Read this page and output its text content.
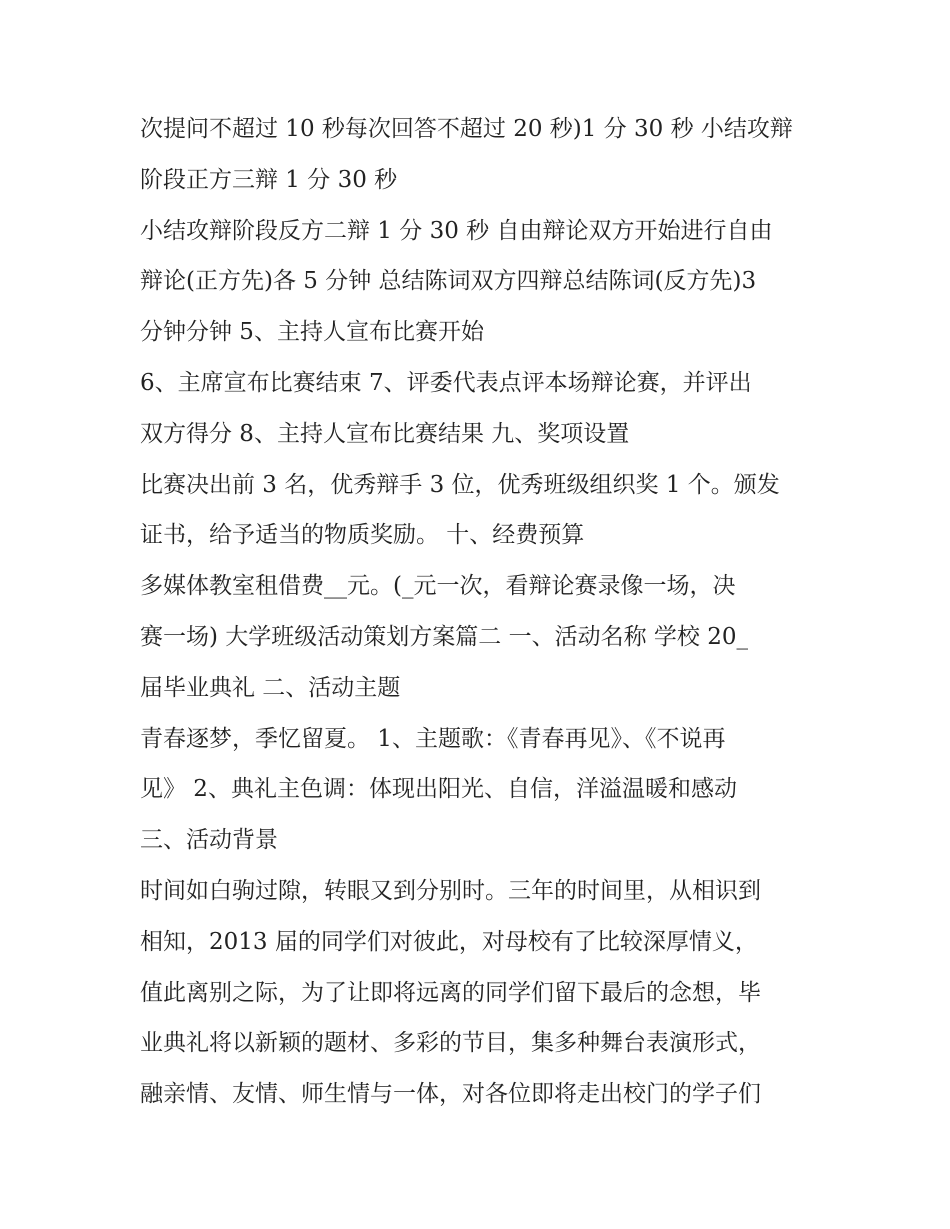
次提问不超过 10 秒每次回答不超过 20 秒)1 分 30 秒 小结攻辩
阶段正方三辩 1 分 30 秒
小结攻辩阶段反方二辩 1 分 30 秒 自由辩论双方开始进行自由
辩论(正方先)各 5 分钟 总结陈词双方四辩总结陈词(反方先)3
分钟分钟 5、主持人宣布比赛开始
6、主席宣布比赛结束 7、评委代表点评本场辩论赛，并评出
双方得分 8、主持人宣布比赛结果 九、奖项设置
比赛决出前 3 名，优秀辩手 3 位，优秀班级组织奖 1 个。颁发
证书，给予适当的物质奖励。 十、经费预算
多媒体教室租借费__元。(_元一次，看辩论赛录像一场，决
赛一场) 大学班级活动策划方案篇二 一、活动名称 学校 20_
届毕业典礼 二、活动主题
青春逐梦，季忆留夏。 1、主题歌：《青春再见》、《不说再
见》 2、典礼主色调：体现出阳光、自信，洋溢温暖和感动
三、活动背景
时间如白驹过隙，转眼又到分别时。三年的时间里，从相识到
相知，2013 届的同学们对彼此，对母校有了比较深厚情义，
值此离别之际，为了让即将远离的同学们留下最后的念想，毕
业典礼将以新颖的题材、多彩的节目，集多种舞台表演形式，
融亲情、友情、师生情与一体，对各位即将走出校门的学子们
